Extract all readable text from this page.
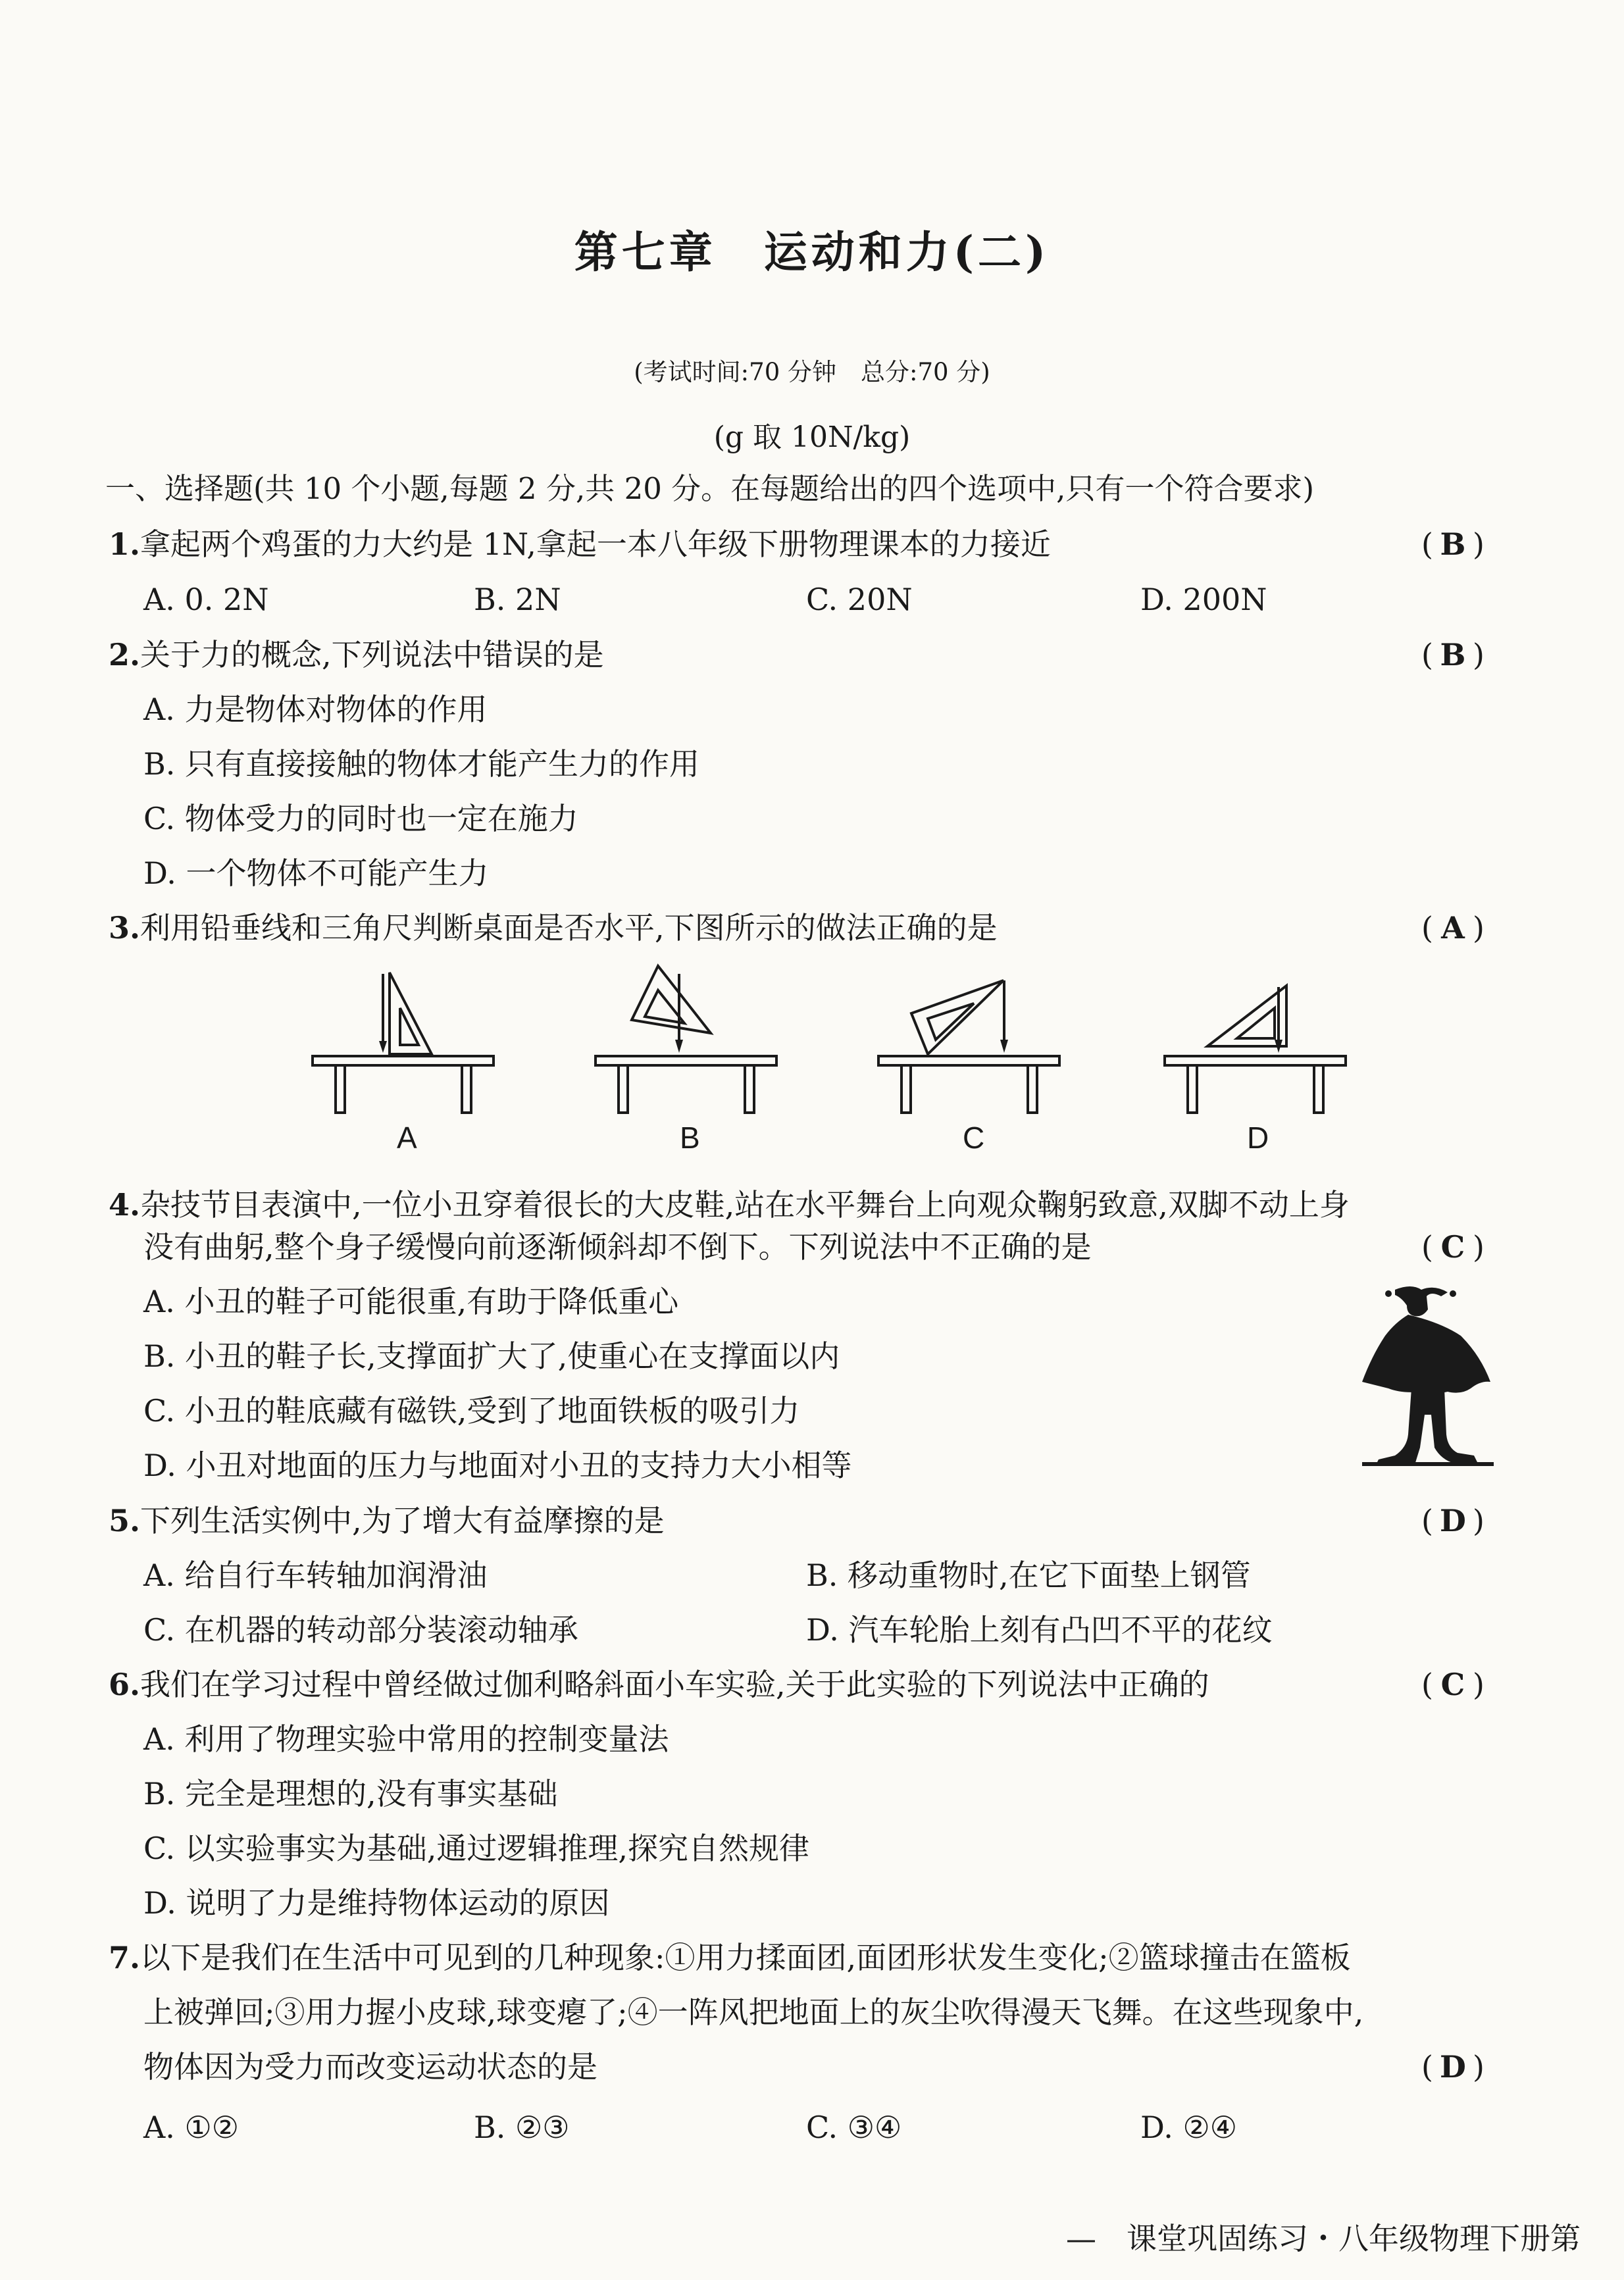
第七章　运动和力(二)
(考试时间:70 分钟　总分:70 分)
(g 取 10N/kg)
一、选择题(共 10 个小题,每题 2 分,共 20 分。在每题给出的四个选项中,只有一个符合要求)
1.拿起两个鸡蛋的力大约是 1N,拿起一本八年级下册物理课本的力接近	( B )
A. 0. 2N	B. 2N	C. 20N	D. 200N
2.关于力的概念,下列说法中错误的是	( B )
A. 力是物体对物体的作用
B. 只有直接接触的物体才能产生力的作用
C. 物体受力的同时也一定在施力
D. 一个物体不可能产生力
3.利用铅垂线和三角尺判断桌面是否水平,下图所示的做法正确的是	( A )
A	B	C	D
4.杂技节目表演中,一位小丑穿着很长的大皮鞋,站在水平舞台上向观众鞠躬致意,双脚不动上身
没有曲躬,整个身子缓慢向前逐渐倾斜却不倒下。下列说法中不正确的是	( C )
A. 小丑的鞋子可能很重,有助于降低重心
B. 小丑的鞋子长,支撑面扩大了,使重心在支撑面以内
C. 小丑的鞋底藏有磁铁,受到了地面铁板的吸引力
D. 小丑对地面的压力与地面对小丑的支持力大小相等
5.下列生活实例中,为了增大有益摩擦的是	( D )
A. 给自行车转轴加润滑油	B. 移动重物时,在它下面垫上钢管
C. 在机器的转动部分装滚动轴承	D. 汽车轮胎上刻有凸凹不平的花纹
6.我们在学习过程中曾经做过伽利略斜面小车实验,关于此实验的下列说法中正确的	( C )
A. 利用了物理实验中常用的控制变量法
B. 完全是理想的,没有事实基础
C. 以实验事实为基础,通过逻辑推理,探究自然规律
D. 说明了力是维持物体运动的原因
7.以下是我们在生活中可见到的几种现象:①用力揉面团,面团形状发生变化;②篮球撞击在篮板
上被弹回;③用力握小皮球,球变瘪了;④一阵风把地面上的灰尘吹得漫天飞舞。在这些现象中,
物体因为受力而改变运动状态的是	( D )
A. ①②	B. ②③	C. ③④	D. ②④
—　课堂巩固练习・八年级物理下册第
